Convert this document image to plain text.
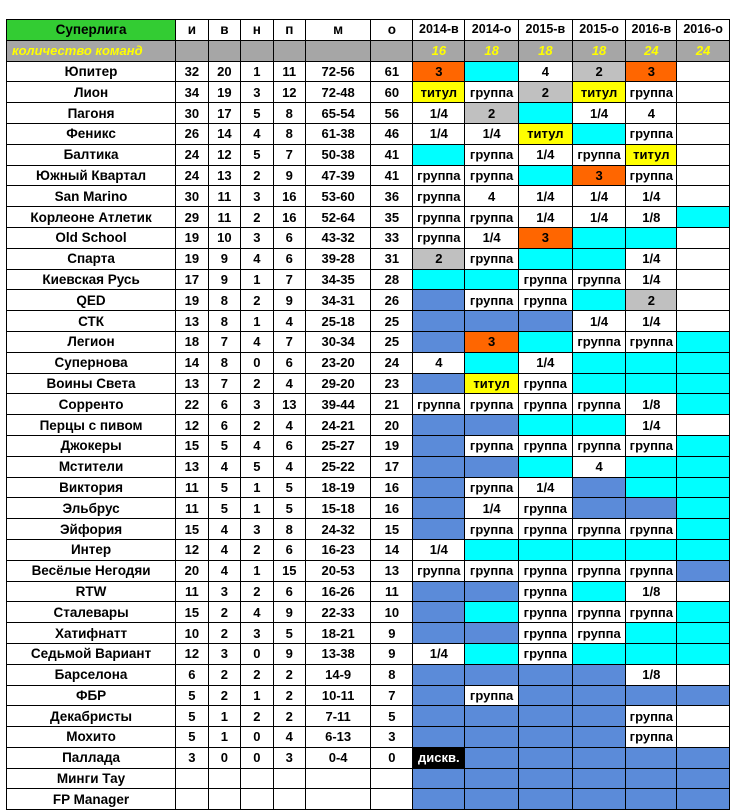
Суперлига	и	в	н	п	м	о	2014-в	2014-о	2015-в	2015-о	2016-в	2016-о
количество команд							16	18	18	18	24	24
Юпитер	32	20	1	11	72-56	61	3		4	2	3	
Лион	34	19	3	12	72-48	60	титул	группа	2	титул	группа	
Пагоня	30	17	5	8	65-54	56	1/4	2		1/4	4	
Феникс	26	14	4	8	61-38	46	1/4	1/4	титул		группа	
Балтика	24	12	5	7	50-38	41		группа	1/4	группа	титул	
Южный Квартал	24	13	2	9	47-39	41	группа	группа		3	группа	
San Marino	30	11	3	16	53-60	36	группа	4	1/4	1/4	1/4	
Корлеоне Атлетик	29	11	2	16	52-64	35	группа	группа	1/4	1/4	1/8	
Old School	19	10	3	6	43-32	33	группа	1/4	3			
Спарта	19	9	4	6	39-28	31	2	группа			1/4	
Киевская Русь	17	9	1	7	34-35	28			группа	группа	1/4	
QED	19	8	2	9	34-31	26		группа	группа		2	
СТК	13	8	1	4	25-18	25				1/4	1/4	
Легион	18	7	4	7	30-34	25		3		группа	группа	
Супернова	14	8	0	6	23-20	24	4		1/4			
Воины Света	13	7	2	4	29-20	23		титул	группа			
Сорренто	22	6	3	13	39-44	21	группа	группа	группа	группа	1/8	
Перцы с пивом	12	6	2	4	24-21	20					1/4	
Джокеры	15	5	4	6	25-27	19		группа	группа	группа	группа	
Мстители	13	4	5	4	25-22	17				4		
Виктория	11	5	1	5	18-19	16		группа	1/4			
Эльбрус	11	5	1	5	15-18	16		1/4	группа			
Эйфория	15	4	3	8	24-32	15		группа	группа	группа	группа	
Интер	12	4	2	6	16-23	14	1/4					
Весёлые Негодяи	20	4	1	15	20-53	13	группа	группа	группа	группа	группа	
RTW	11	3	2	6	16-26	11			группа		1/8	
Сталевары	15	2	4	9	22-33	10			группа	группа	группа	
Хатифнатт	10	2	3	5	18-21	9			группа	группа		
Седьмой Вариант	12	3	0	9	13-38	9	1/4		группа			
Барселона	6	2	2	2	14-9	8					1/8	
ФБР	5	2	1	2	10-11	7		группа				
Декабристы	5	1	2	2	7-11	5					группа	
Мохито	5	1	0	4	6-13	3					группа	
Паллада	3	0	0	3	0-4	0	дискв.					
Минги Тау												
FP Manager												
